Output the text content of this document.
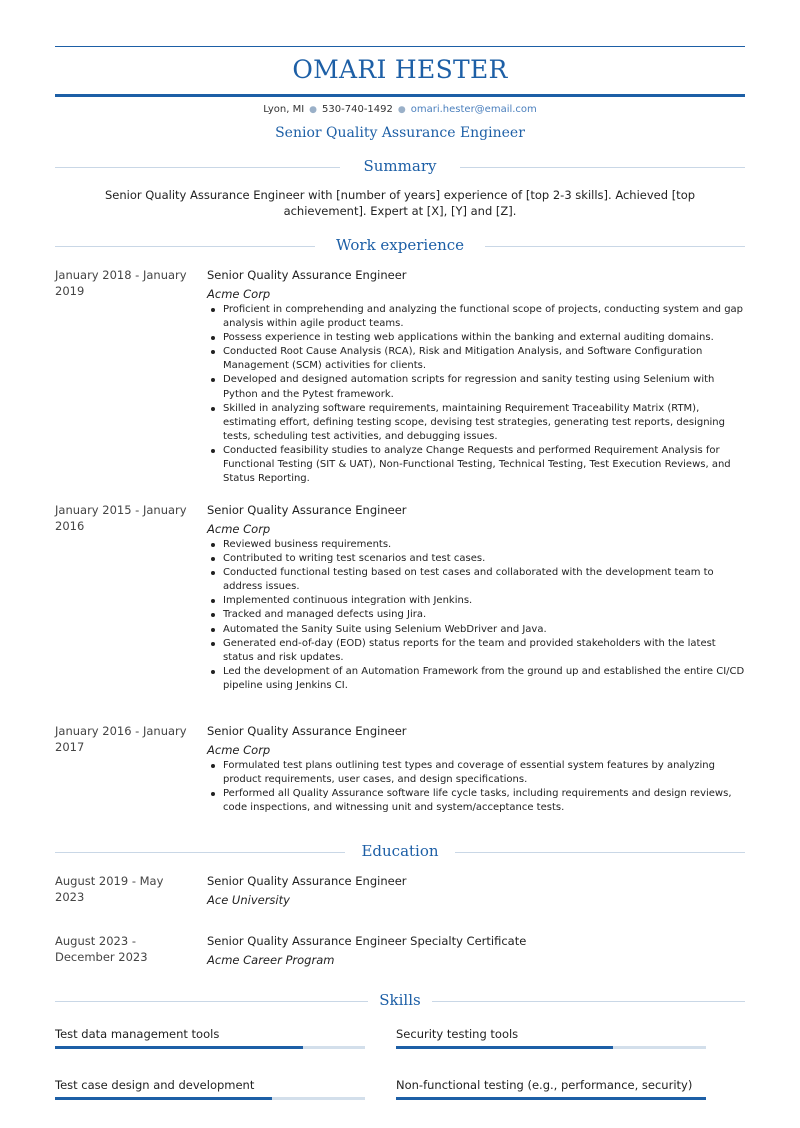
OMARI HESTER
Lyon, MI ● 530-740-1492 ● omari.hester@email.com
Senior Quality Assurance Engineer
Summary
Senior Quality Assurance Engineer with [number of years] experience of [top 2-3 skills]. Achieved [top achievement]. Expert at [X], [Y] and [Z].
Work experience
January 2018 - January 2019
Senior Quality Assurance Engineer
Acme Corp
Proficient in comprehending and analyzing the functional scope of projects, conducting system and gap analysis within agile product teams.
Possess experience in testing web applications within the banking and external auditing domains.
Conducted Root Cause Analysis (RCA), Risk and Mitigation Analysis, and Software Configuration Management (SCM) activities for clients.
Developed and designed automation scripts for regression and sanity testing using Selenium with Python and the Pytest framework.
Skilled in analyzing software requirements, maintaining Requirement Traceability Matrix (RTM), estimating effort, defining testing scope, devising test strategies, generating test reports, designing tests, scheduling test activities, and debugging issues.
Conducted feasibility studies to analyze Change Requests and performed Requirement Analysis for Functional Testing (SIT & UAT), Non-Functional Testing, Technical Testing, Test Execution Reviews, and Status Reporting.
January 2015 - January 2016
Senior Quality Assurance Engineer
Acme Corp
Reviewed business requirements.
Contributed to writing test scenarios and test cases.
Conducted functional testing based on test cases and collaborated with the development team to address issues.
Implemented continuous integration with Jenkins.
Tracked and managed defects using Jira.
Automated the Sanity Suite using Selenium WebDriver and Java.
Generated end-of-day (EOD) status reports for the team and provided stakeholders with the latest status and risk updates.
Led the development of an Automation Framework from the ground up and established the entire CI/CD pipeline using Jenkins CI.
January 2016 - January 2017
Senior Quality Assurance Engineer
Acme Corp
Formulated test plans outlining test types and coverage of essential system features by analyzing product requirements, user cases, and design specifications.
Performed all Quality Assurance software life cycle tasks, including requirements and design reviews, code inspections, and witnessing unit and system/acceptance tests.
Education
August 2019 - May 2023
Senior Quality Assurance Engineer
Ace University
August 2023 - December 2023
Senior Quality Assurance Engineer Specialty Certificate
Acme Career Program
Skills
Test data management tools	Security testing tools
Test case design and development	Non-functional testing (e.g., performance, security)
